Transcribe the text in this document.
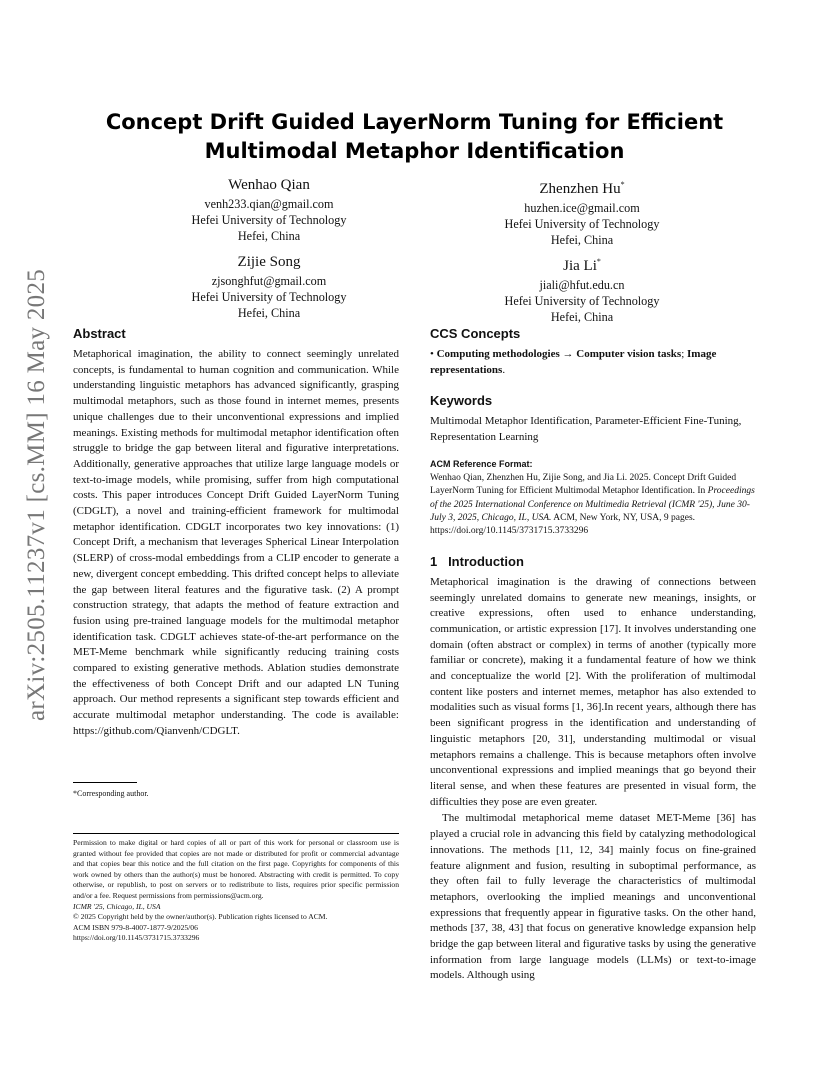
arXiv:2505.11237v1 [cs.MM] 16 May 2025
Concept Drift Guided LayerNorm Tuning for Efficient
Multimodal Metaphor Identification
Wenhao Qian
venh233.qian@gmail.com
Hefei University of Technology
Hefei, China
Zhenzhen Hu*
huzhen.ice@gmail.com
Hefei University of Technology
Hefei, China
Zijie Song
zjsonghfut@gmail.com
Hefei University of Technology
Hefei, China
Jia Li*
jiali@hfut.edu.cn
Hefei University of Technology
Hefei, China
Abstract

Metaphorical imagination, the ability to connect seemingly unrelated concepts, is fundamental to human cognition and communication. While understanding linguistic metaphors has advanced significantly, grasping multimodal metaphors, such as those found in internet memes, presents unique challenges due to their unconventional expressions and implied meanings. Existing methods for multimodal metaphor identification often struggle to bridge the gap between literal and figurative interpretations. Additionally, generative approaches that utilize large language models or text-to-image models, while promising, suffer from high computational costs. This paper introduces Concept Drift Guided LayerNorm Tuning (CDGLT), a novel and training-efficient framework for multimodal metaphor identification. CDGLT incorporates two key innovations: (1) Concept Drift, a mechanism that leverages Spherical Linear Interpolation (SLERP) of cross-modal embeddings from a CLIP encoder to generate a new, divergent concept embedding. This drifted concept helps to alleviate the gap between literal features and the figurative task. (2) A prompt construction strategy, that adapts the method of feature extraction and fusion using pre-trained language models for the multimodal metaphor identification task. CDGLT achieves state-of-the-art performance on the MET-Meme benchmark while significantly reducing training costs compared to existing generative methods. Ablation studies demonstrate the effectiveness of both Concept Drift and our adapted LN Tuning approach. Our method represents a significant step towards efficient and accurate multimodal metaphor understanding. The code is available: https://github.com/Qianvenh/CDGLT.

*Corresponding author.
Permission to make digital or hard copies of all or part of this work for personal or classroom use is granted without fee provided that copies are not made or distributed for profit or commercial advantage and that copies bear this notice and the full citation on the first page. Copyrights for components of this work owned by others than the author(s) must be honored. Abstracting with credit is permitted. To copy otherwise, or republish, to post on servers or to redistribute to lists, requires prior specific permission and/or a fee. Request permissions from permissions@acm.org.
ICMR '25, Chicago, IL, USA
© 2025 Copyright held by the owner/author(s). Publication rights licensed to ACM.
ACM ISBN 979-8-4007-1877-9/2025/06
https://doi.org/10.1145/3731715.3733296
CCS Concepts
• Computing methodologies → Computer vision tasks; Image representations.
Keywords

Multimodal Metaphor Identification, Parameter-Efficient Fine-Tuning, Representation Learning

ACM Reference Format:
Wenhao Qian, Zhenzhen Hu, Zijie Song, and Jia Li. 2025. Concept Drift Guided LayerNorm Tuning for Efficient Multimodal Metaphor Identification. In Proceedings of the 2025 International Conference on Multimedia Retrieval (ICMR '25), June 30-July 3, 2025, Chicago, IL, USA. ACM, New York, NY, USA, 9 pages. https://doi.org/10.1145/3731715.3733296
1   Introduction

Metaphorical imagination is the drawing of connections between seemingly unrelated domains to generate new meanings, insights, or creative expressions, often used to enhance understanding, communication, or artistic expression [17]. It involves understanding one domain (often abstract or complex) in terms of another (typically more familiar or concrete), making it a fundamental feature of how we think and conceptualize the world [2]. With the proliferation of multimodal content like posters and internet memes, metaphor has also extended to modalities such as visual forms [1, 36].In recent years, although there has been significant progress in the identification and understanding of linguistic metaphors [20, 31], understanding multimodal or visual metaphors remains a challenge. This is because metaphors often involve unconventional expressions and implied meanings that go beyond their literal sense, and when these features are presented in visual form, the difficulties they pose are even greater.

The multimodal metaphorical meme dataset MET-Meme [36] has played a crucial role in advancing this field by catalyzing methodological innovations. The methods [11, 12, 34] mainly focus on fine-grained feature alignment and fusion, resulting in suboptimal performance, as they often fail to fully leverage the characteristics of multimodal metaphors, overlooking the implied meanings and unconventional expressions that frequently appear in figurative tasks. On the other hand, methods [37, 38, 43] that focus on generative knowledge expansion help bridge the gap between literal and figurative tasks by using the generative information from large language models (LLMs) or text-to-image models. Although using
